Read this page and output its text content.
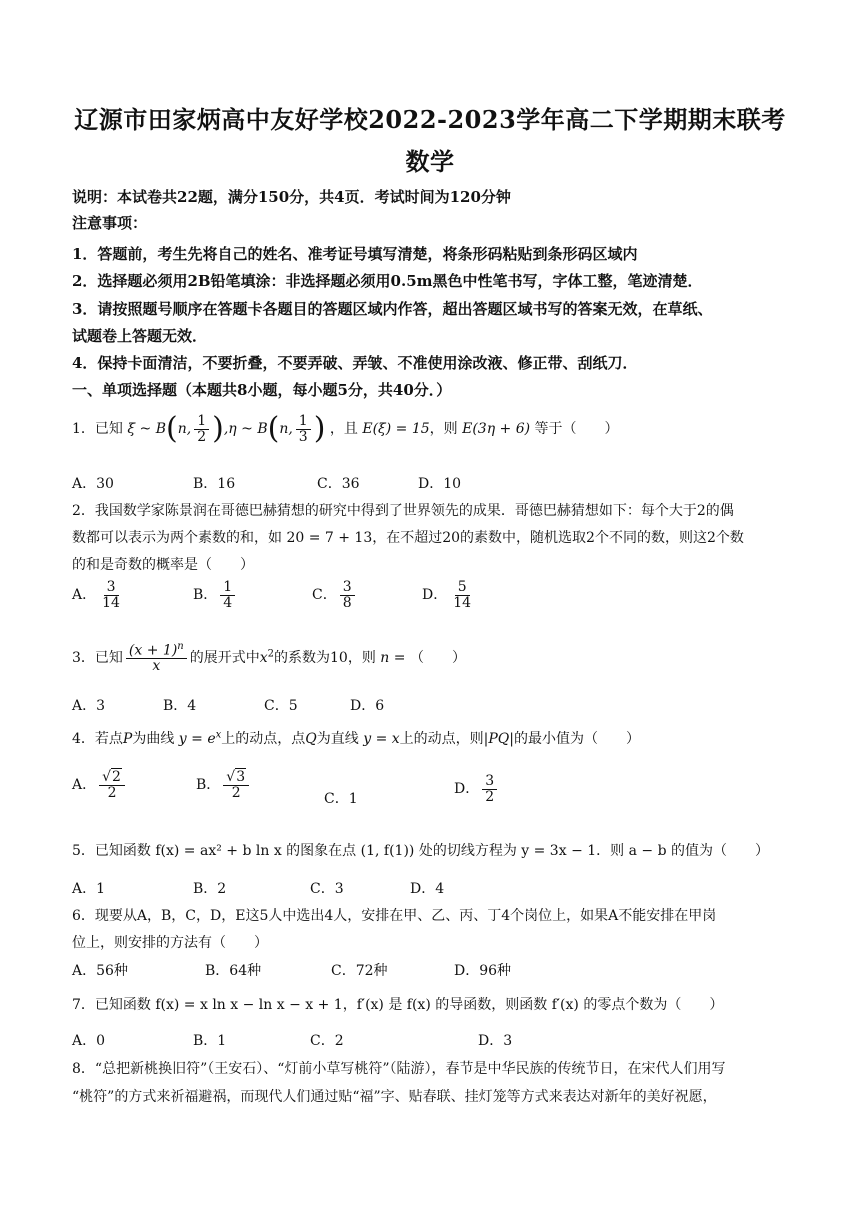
辽源市田家炳高中友好学校2022-2023学年高二下学期期末联考
数学
说明：本试卷共22题，满分150分，共4页．考试时间为120分钟
注意事项：
1．答题前，考生先将自己的姓名、准考证号填写清楚，将条形码粘贴到条形码区域内
2．选择题必须用2B铅笔填涂：非选择题必须用0.5m黑色中性笔书写，字体工整，笔迹清楚．
3．请按照题号顺序在答题卡各题目的答题区域内作答，超出答题区域书写的答案无效，在草纸、
试题卷上答题无效．
4．保持卡面清洁，不要折叠，不要弄破、弄皱、不准使用涂改液、修正带、刮纸刀．
一、单项选择题（本题共8小题，每小题5分，共40分．）
1．已知 ξ ~ B(n, $\frac{1}{2} ),\eta$ ~ B(n, $\frac{1}{3}$ ) ，且 E(ξ) = 15，则 E(3η + 6) 等于（　　）
A．30	B．16	C．36	D．10
2．我国数学家陈景润在哥德巴赫猜想的研究中得到了世界领先的成果．哥德巴赫猜想如下：每个大于2的偶
数都可以表示为两个素数的和，如 20 = 7 + 13，在不超过20的素数中，随机选取2个不同的数，则这2个数
的和是奇数的概率是（　　）
A． $\frac{3}{14}$	B． $\frac{1}{4}$	C． $\frac{3}{8}$	D． $\frac{5}{14}$
3．已知 $\frac{(x + 1)^n}{x}$ 的展开式中$x^2$的系数为10，则 n = （　　）
A．3	B．4	C．5	D．6
4．若点P为曲线 $y = e^x$上的动点，点Q为直线 y = x上的动点，则|PQ|的最小值为（　　）
A． $\frac{√2}{2}$	B． $\frac{√3}{2}$	C．1
D． $\frac{3}{2}$
5．已知函数 f(x) = ax² + b ln x 的图象在点 (1, f(1)) 处的切线方程为 y = 3x − 1．则 a − b 的值为（　　）
A．1	B．2	C．3	D．4
6．现要从A，B，C，D，E这5人中选出4人，安排在甲、乙、丙、丁4个岗位上，如果A不能安排在甲岗
位上，则安排的方法有（　　）
A．56种	B．64种	C．72种	D．96种
7．已知函数 f(x) = x ln x − ln x − x + 1，f′(x) 是 f(x) 的导函数，则函数 f′(x) 的零点个数为（　　）
A．0	B．1	C．2	D．3
8．“总把新桃换旧符”（王安石）、“灯前小草写桃符”（陆游），春节是中华民族的传统节日，在宋代人们用写
“桃符”的方式来祈福避祸，而现代人们通过贴“福”字、贴春联、挂灯笼等方式来表达对新年的美好祝愿，
